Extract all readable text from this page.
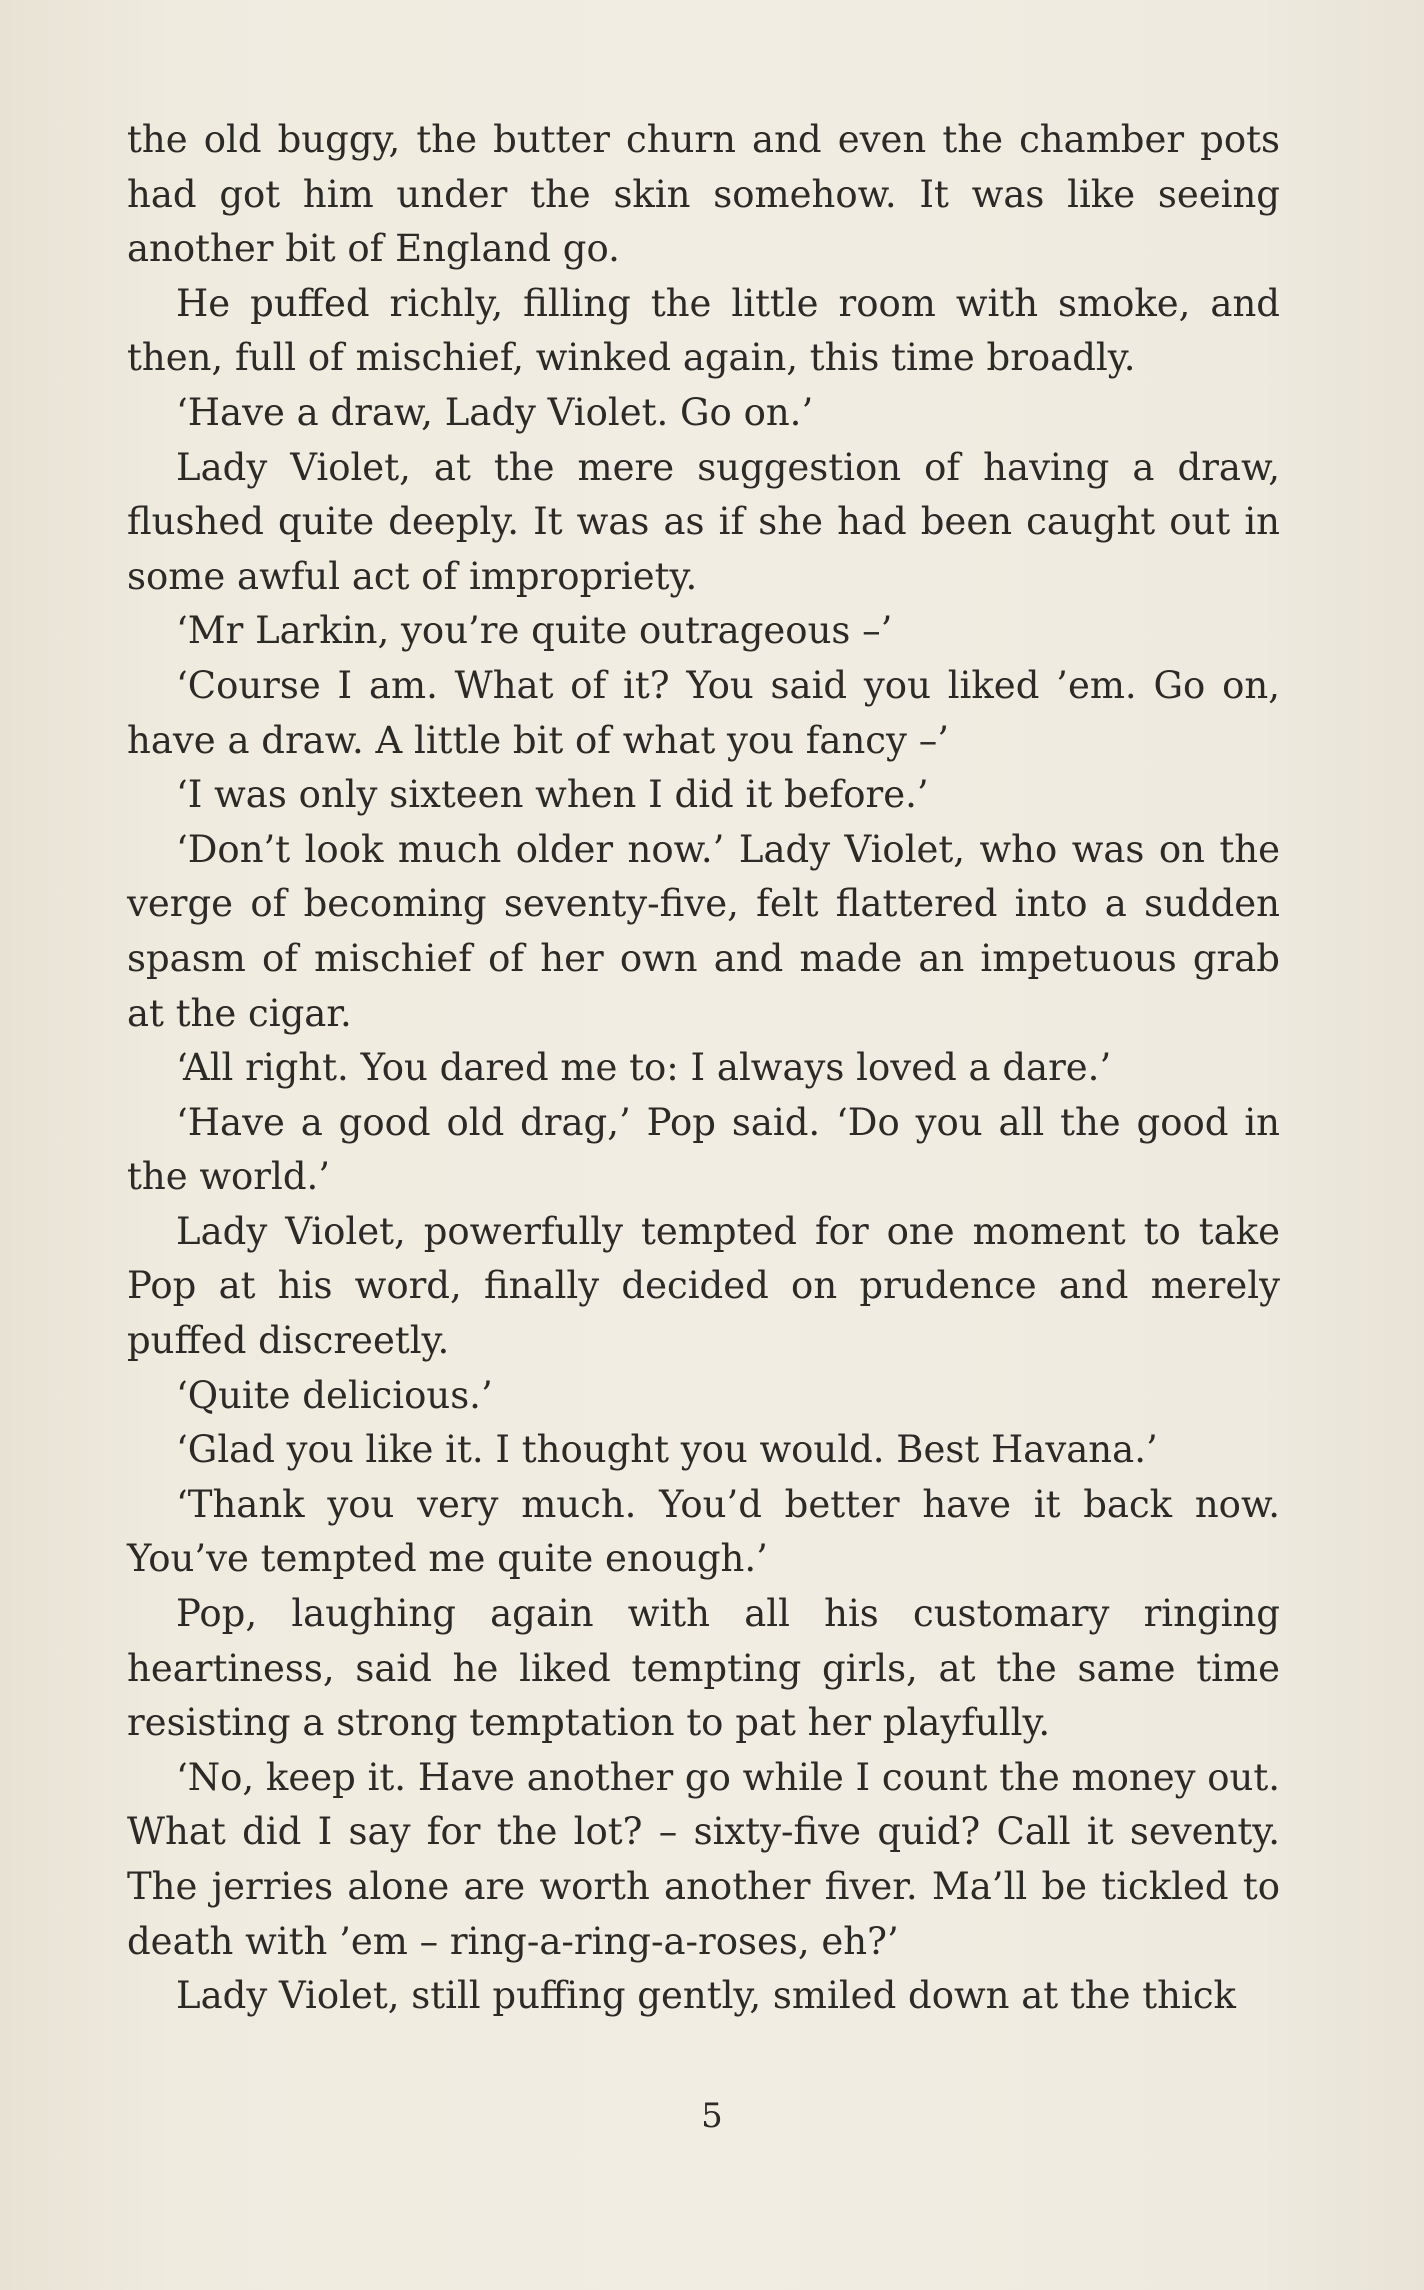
the old buggy, the butter churn and even the chamber pots had got him under the skin somehow. It was like seeing another bit of England go.

He puffed richly, filling the little room with smoke, and then, full of mischief, winked again, this time broadly.

‘Have a draw, Lady Violet. Go on.’

Lady Violet, at the mere suggestion of having a draw, flushed quite deeply. It was as if she had been caught out in some awful act of impropriety.

‘Mr Larkin, you’re quite outrageous –’

‘Course I am. What of it? You said you liked ’em. Go on, have a draw. A little bit of what you fancy –’

‘I was only sixteen when I did it before.’

‘Don’t look much older now.’ Lady Violet, who was on the verge of becoming seventy-five, felt flattered into a sudden spasm of mischief of her own and made an impetuous grab at the cigar.

‘All right. You dared me to: I always loved a dare.’

‘Have a good old drag,’ Pop said. ‘Do you all the good in the world.’

Lady Violet, powerfully tempted for one moment to take Pop at his word, finally decided on prudence and merely puffed discreetly.

‘Quite delicious.’

‘Glad you like it. I thought you would. Best Havana.’

‘Thank you very much. You’d better have it back now. You’ve tempted me quite enough.’

Pop, laughing again with all his customary ringing heartiness, said he liked tempting girls, at the same time resisting a strong temptation to pat her playfully.

‘No, keep it. Have another go while I count the money out. What did I say for the lot? – sixty-five quid? Call it seventy. The jerries alone are worth another fiver. Ma’ll be tickled to death with ’em – ring-a-ring-a-roses, eh?’

Lady Violet, still puffing gently, smiled down at the thick

5
